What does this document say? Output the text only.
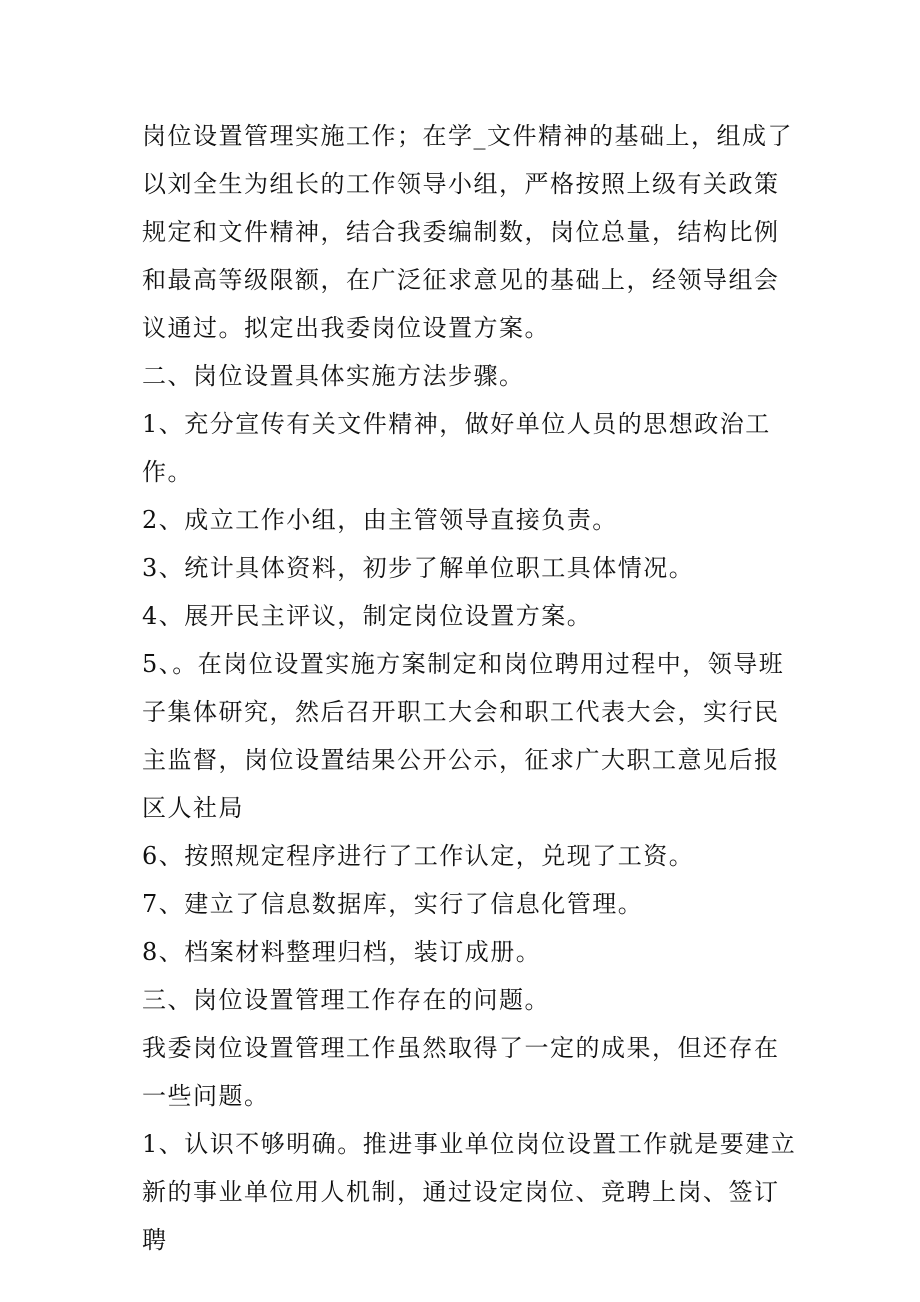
岗位设置管理实施工作；在学_文件精神的基础上，组成了以刘全生为组长的工作领导小组，严格按照上级有关政策规定和文件精神，结合我委编制数，岗位总量，结构比例和最高等级限额，在广泛征求意见的基础上，经领导组会议通过。拟定出我委岗位设置方案。

二、岗位设置具体实施方法步骤。

1、充分宣传有关文件精神，做好单位人员的思想政治工作。

2、成立工作小组，由主管领导直接负责。

3、统计具体资料，初步了解单位职工具体情况。

4、展开民主评议，制定岗位设置方案。

5、。在岗位设置实施方案制定和岗位聘用过程中，领导班子集体研究，然后召开职工大会和职工代表大会，实行民主监督，岗位设置结果公开公示，征求广大职工意见后报区人社局

6、按照规定程序进行了工作认定，兑现了工资。

7、建立了信息数据库，实行了信息化管理。

8、档案材料整理归档，装订成册。

三、岗位设置管理工作存在的问题。

我委岗位设置管理工作虽然取得了一定的成果，但还存在一些问题。

1、认识不够明确。推进事业单位岗位设置工作就是要建立新的事业单位用人机制，通过设定岗位、竞聘上岗、签订聘
